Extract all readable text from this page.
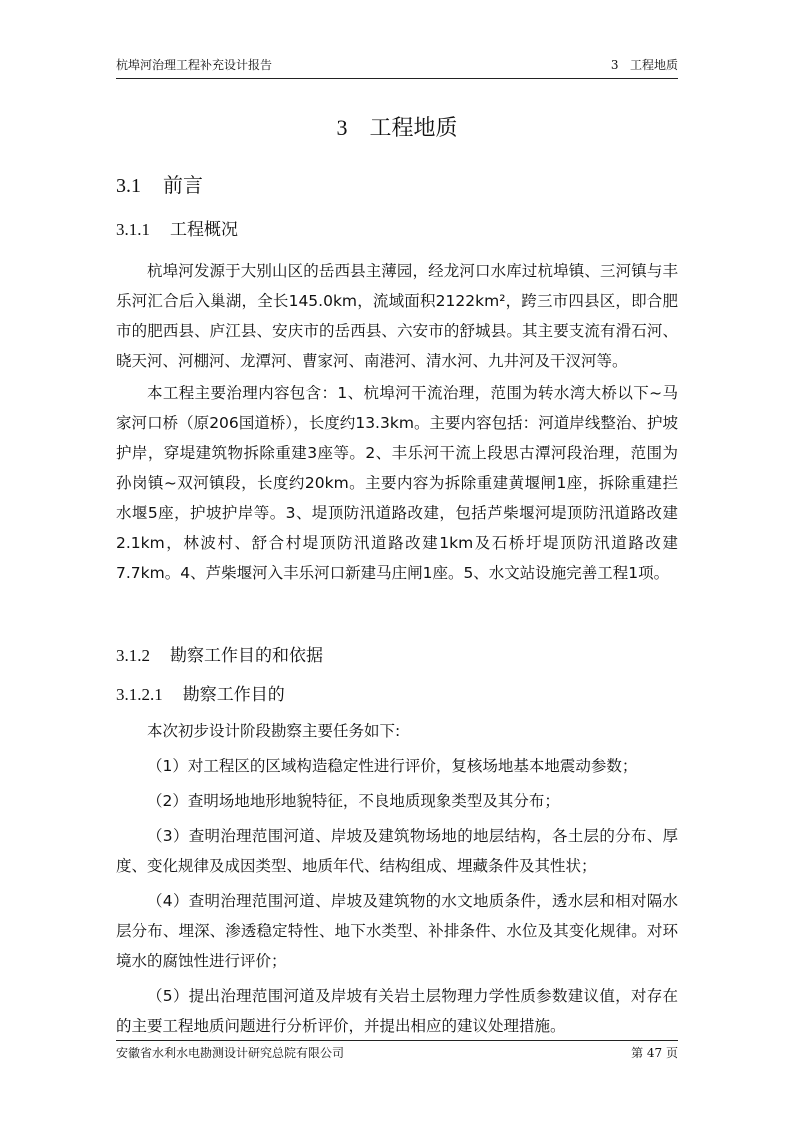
杭埠河治理工程补充设计报告	3   工程地质
3 工程地质
3.1 前言
3.1.1 工程概况

杭埠河发源于大别山区的岳西县主薄园，经龙河口水库过杭埠镇、三河镇与丰乐河汇合后入巢湖，全长145.0km，流域面积2122km²，跨三市四县区，即合肥市的肥西县、庐江县、安庆市的岳西县、六安市的舒城县。其主要支流有滑石河、晓天河、河棚河、龙潭河、曹家河、南港河、清水河、九井河及干汊河等。

本工程主要治理内容包含：1、杭埠河干流治理，范围为转水湾大桥以下~马家河口桥（原206国道桥），长度约13.3km。主要内容包括：河道岸线整治、护坡护岸，穿堤建筑物拆除重建3座等。2、丰乐河干流上段思古潭河段治理，范围为孙岗镇~双河镇段，长度约20km。主要内容为拆除重建黄堰闸1座，拆除重建拦水堰5座，护坡护岸等。3、堤顶防汛道路改建，包括芦柴堰河堤顶防汛道路改建2.1km，林波村、舒合村堤顶防汛道路改建1km及石桥圩堤顶防汛道路改建7.7km。4、芦柴堰河入丰乐河口新建马庄闸1座。5、水文站设施完善工程1项。

3.1.2 勘察工作目的和依据
3.1.2.1 勘察工作目的

本次初步设计阶段勘察主要任务如下:

（1）对工程区的区域构造稳定性进行评价，复核场地基本地震动参数；

（2）查明场地地形地貌特征，不良地质现象类型及其分布；

（3）查明治理范围河道、岸坡及建筑物场地的地层结构，各土层的分布、厚度、变化规律及成因类型、地质年代、结构组成、埋藏条件及其性状；

（4）查明治理范围河道、岸坡及建筑物的水文地质条件，透水层和相对隔水层分布、埋深、渗透稳定特性、地下水类型、补排条件、水位及其变化规律。对环境水的腐蚀性进行评价；

（5）提出治理范围河道及岸坡有关岩土层物理力学性质参数建议值，对存在的主要工程地质问题进行分析评价，并提出相应的建议处理措施。

安徽省水利水电勘测设计研究总院有限公司	第 47 页
